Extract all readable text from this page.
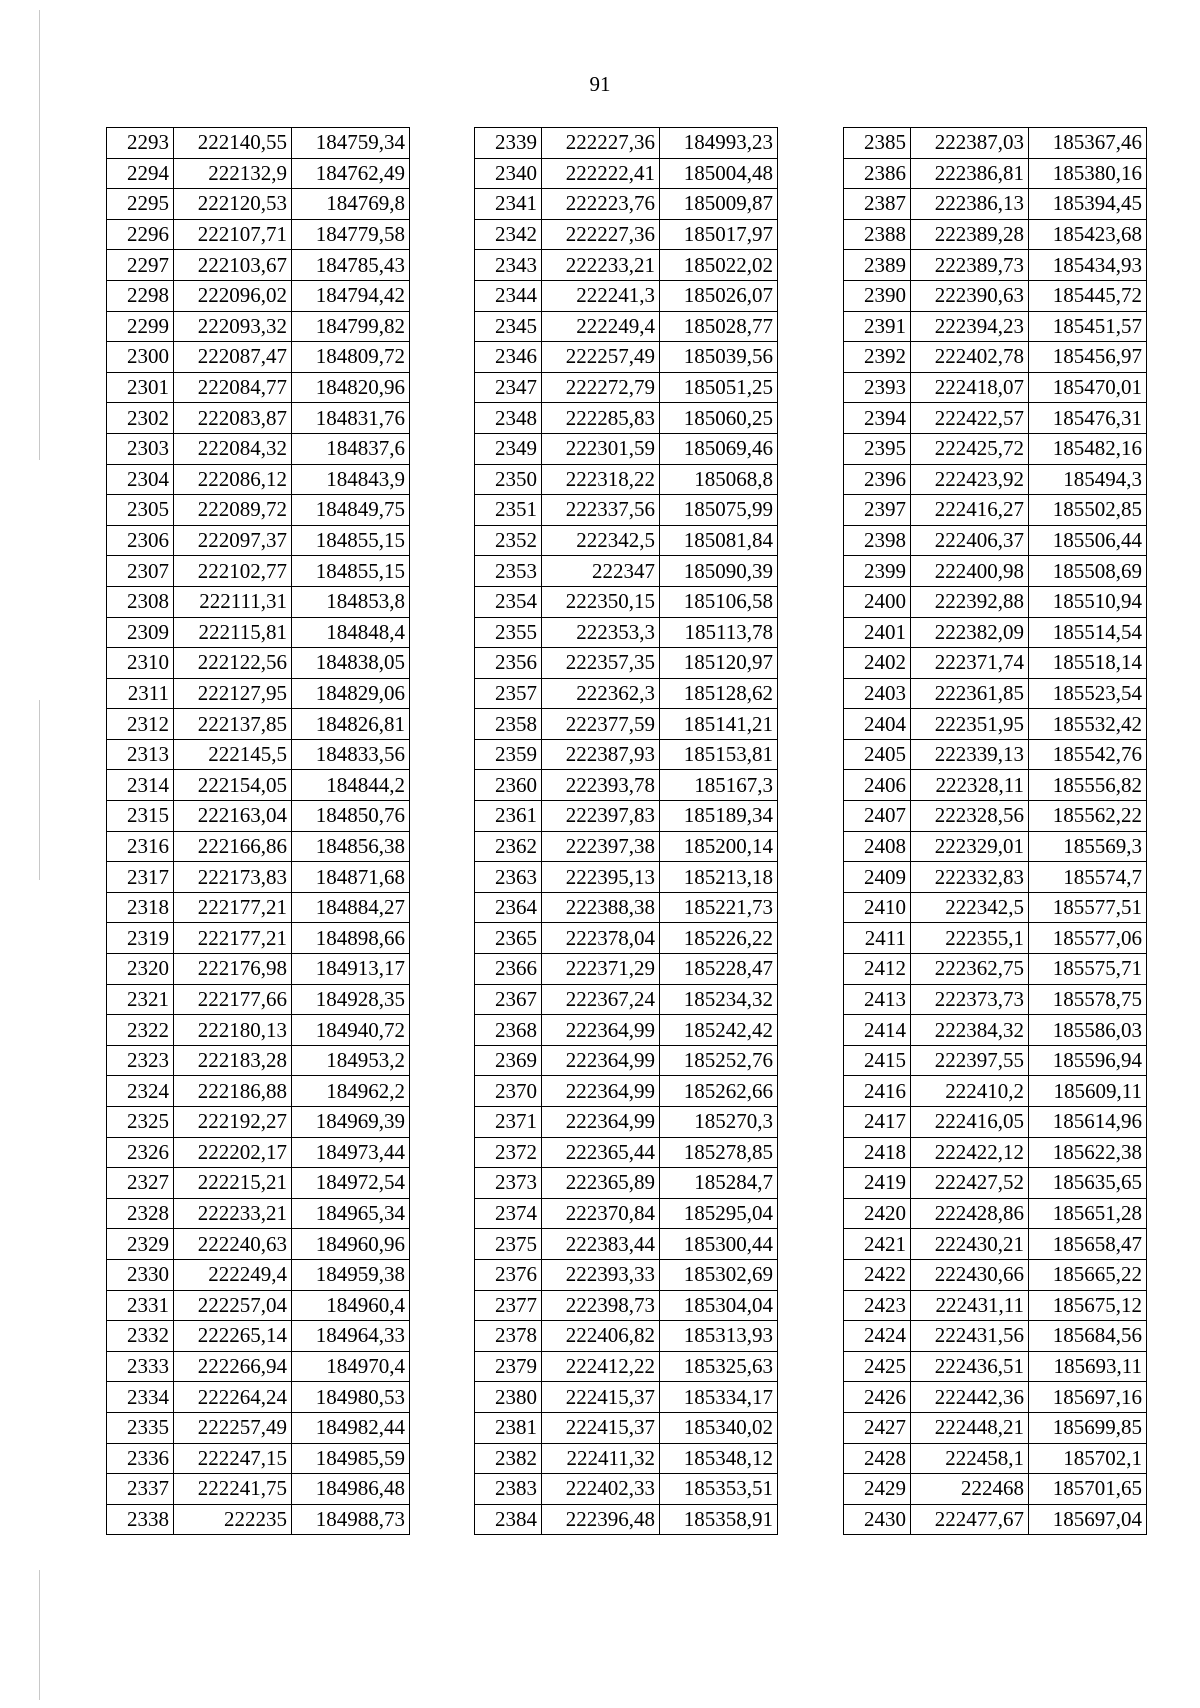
91
2293	222140,55	184759,34
2294	222132,9	184762,49
2295	222120,53	184769,8
2296	222107,71	184779,58
2297	222103,67	184785,43
2298	222096,02	184794,42
2299	222093,32	184799,82
2300	222087,47	184809,72
2301	222084,77	184820,96
2302	222083,87	184831,76
2303	222084,32	184837,6
2304	222086,12	184843,9
2305	222089,72	184849,75
2306	222097,37	184855,15
2307	222102,77	184855,15
2308	222111,31	184853,8
2309	222115,81	184848,4
2310	222122,56	184838,05
2311	222127,95	184829,06
2312	222137,85	184826,81
2313	222145,5	184833,56
2314	222154,05	184844,2
2315	222163,04	184850,76
2316	222166,86	184856,38
2317	222173,83	184871,68
2318	222177,21	184884,27
2319	222177,21	184898,66
2320	222176,98	184913,17
2321	222177,66	184928,35
2322	222180,13	184940,72
2323	222183,28	184953,2
2324	222186,88	184962,2
2325	222192,27	184969,39
2326	222202,17	184973,44
2327	222215,21	184972,54
2328	222233,21	184965,34
2329	222240,63	184960,96
2330	222249,4	184959,38
2331	222257,04	184960,4
2332	222265,14	184964,33
2333	222266,94	184970,4
2334	222264,24	184980,53
2335	222257,49	184982,44
2336	222247,15	184985,59
2337	222241,75	184986,48
2338	222235	184988,73
2339	222227,36	184993,23
2340	222222,41	185004,48
2341	222223,76	185009,87
2342	222227,36	185017,97
2343	222233,21	185022,02
2344	222241,3	185026,07
2345	222249,4	185028,77
2346	222257,49	185039,56
2347	222272,79	185051,25
2348	222285,83	185060,25
2349	222301,59	185069,46
2350	222318,22	185068,8
2351	222337,56	185075,99
2352	222342,5	185081,84
2353	222347	185090,39
2354	222350,15	185106,58
2355	222353,3	185113,78
2356	222357,35	185120,97
2357	222362,3	185128,62
2358	222377,59	185141,21
2359	222387,93	185153,81
2360	222393,78	185167,3
2361	222397,83	185189,34
2362	222397,38	185200,14
2363	222395,13	185213,18
2364	222388,38	185221,73
2365	222378,04	185226,22
2366	222371,29	185228,47
2367	222367,24	185234,32
2368	222364,99	185242,42
2369	222364,99	185252,76
2370	222364,99	185262,66
2371	222364,99	185270,3
2372	222365,44	185278,85
2373	222365,89	185284,7
2374	222370,84	185295,04
2375	222383,44	185300,44
2376	222393,33	185302,69
2377	222398,73	185304,04
2378	222406,82	185313,93
2379	222412,22	185325,63
2380	222415,37	185334,17
2381	222415,37	185340,02
2382	222411,32	185348,12
2383	222402,33	185353,51
2384	222396,48	185358,91
2385	222387,03	185367,46
2386	222386,81	185380,16
2387	222386,13	185394,45
2388	222389,28	185423,68
2389	222389,73	185434,93
2390	222390,63	185445,72
2391	222394,23	185451,57
2392	222402,78	185456,97
2393	222418,07	185470,01
2394	222422,57	185476,31
2395	222425,72	185482,16
2396	222423,92	185494,3
2397	222416,27	185502,85
2398	222406,37	185506,44
2399	222400,98	185508,69
2400	222392,88	185510,94
2401	222382,09	185514,54
2402	222371,74	185518,14
2403	222361,85	185523,54
2404	222351,95	185532,42
2405	222339,13	185542,76
2406	222328,11	185556,82
2407	222328,56	185562,22
2408	222329,01	185569,3
2409	222332,83	185574,7
2410	222342,5	185577,51
2411	222355,1	185577,06
2412	222362,75	185575,71
2413	222373,73	185578,75
2414	222384,32	185586,03
2415	222397,55	185596,94
2416	222410,2	185609,11
2417	222416,05	185614,96
2418	222422,12	185622,38
2419	222427,52	185635,65
2420	222428,86	185651,28
2421	222430,21	185658,47
2422	222430,66	185665,22
2423	222431,11	185675,12
2424	222431,56	185684,56
2425	222436,51	185693,11
2426	222442,36	185697,16
2427	222448,21	185699,85
2428	222458,1	185702,1
2429	222468	185701,65
2430	222477,67	185697,04
